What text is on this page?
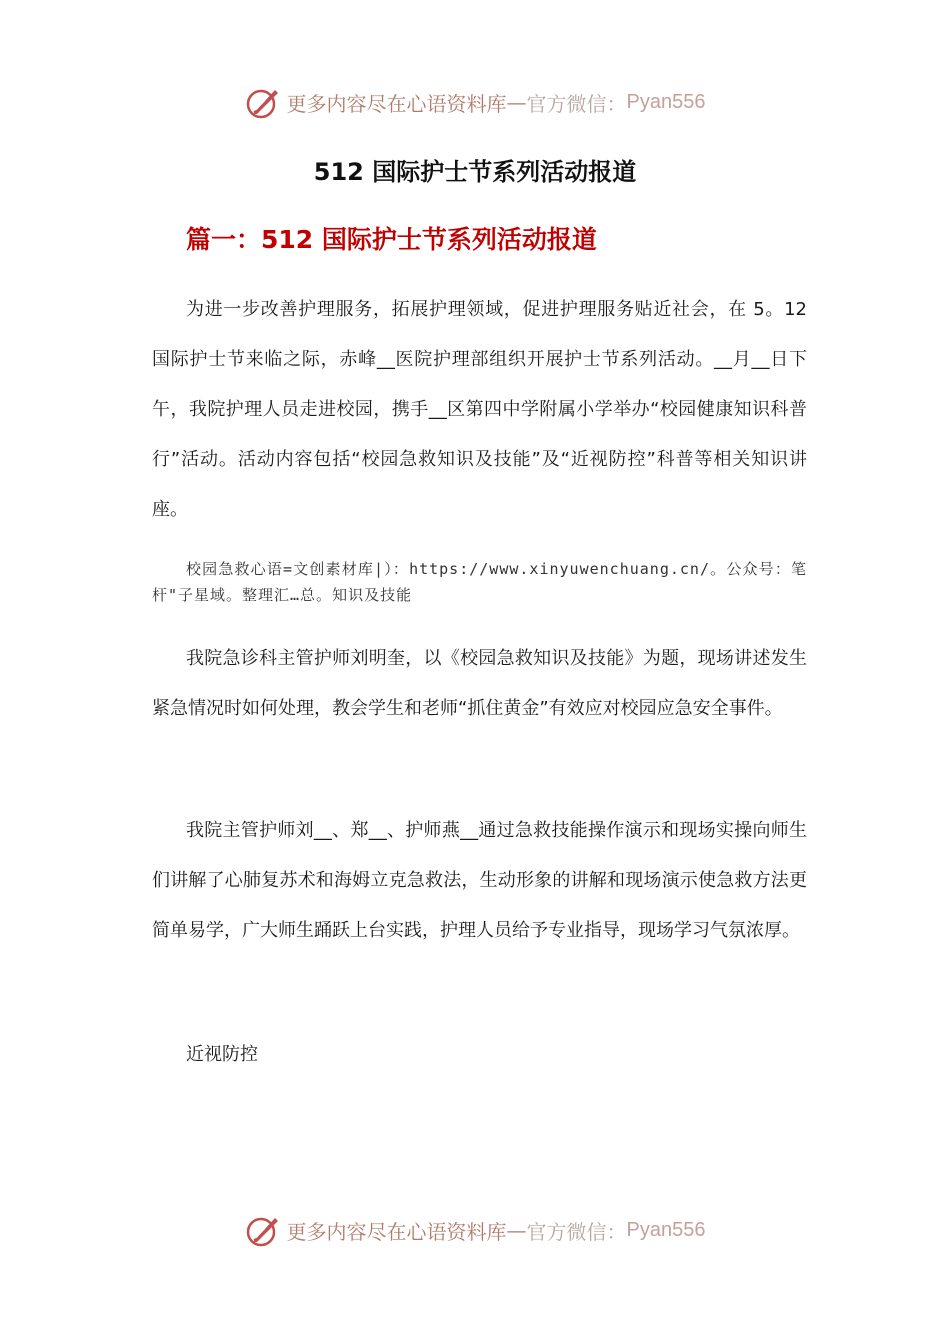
更多内容尽在心语资料库 — 官方微信： Pyan556
512 国际护士节系列活动报道
篇一：512 国际护士节系列活动报道

为进一步改善护理服务，拓展护理领域，促进护理服务贴近社会，在 5。12 国际护士节来临之际，赤峰__医院护理部组织开展护士节系列活动。__月__日下午，我院护理人员走进校园，携手__区第四中学附属小学举办“校园健康知识科普行”活动。活动内容包括“校园急救知识及技能”及“近视防控”科普等相关知识讲座。

校园急救心语=文创素材库|）：https://www.xinyuwenchuang.cn/。公众号：笔杆"子星域。整理汇…总。知识及技能

我院急诊科主管护师刘明奎，以《校园急救知识及技能》为题，现场讲述发生紧急情况时如何处理，教会学生和老师“抓住黄金”有效应对校园应急安全事件。

我院主管护师刘__、郑__、护师燕__通过急救技能操作演示和现场实操向师生们讲解了心肺复苏术和海姆立克急救法，生动形象的讲解和现场演示使急救方法更简单易学，广大师生踊跃上台实践，护理人员给予专业指导，现场学习气氛浓厚。

近视防控

更多内容尽在心语资料库 — 官方微信： Pyan556
